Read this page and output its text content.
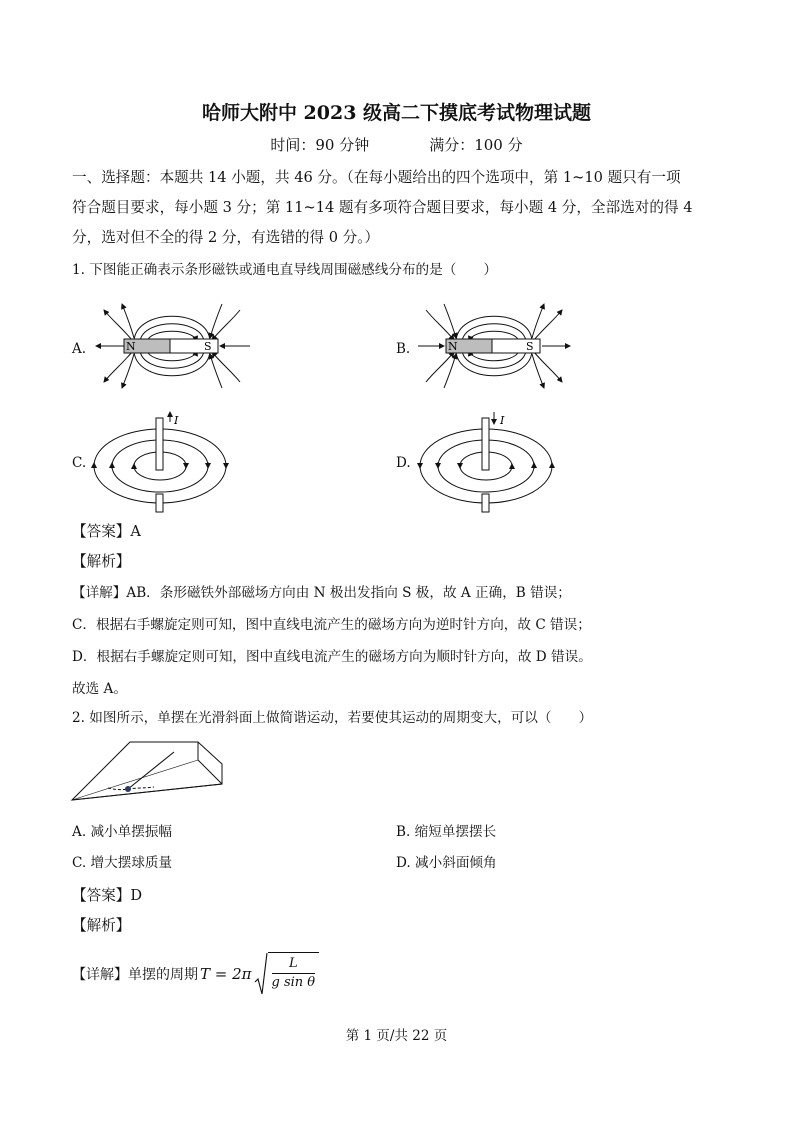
哈师大附中 2023 级高二下摸底考试物理试题
时间：90 分钟	满分：100 分
一、选择题：本题共 14 小题，共 46 分。（在每小题给出的四个选项中，第 1~10 题只有一项
符合题目要求，每小题 3 分；第 11~14 题有多项符合题目要求，每小题 4 分，全部选对的得 4
分，选对但不全的得 2 分，有选错的得 0 分。）
1. 下图能正确表示条形磁铁或通电直导线周围磁感线分布的是（　　）
A.	N	S	B.	N	S
C.
I
D.
I
【答案】A
【解析】
【详解】AB．条形磁铁外部磁场方向由 N 极出发指向 S 极，故 A 正确，B 错误；
C．根据右手螺旋定则可知，图中直线电流产生的磁场方向为逆时针方向，故 C 错误；
D．根据右手螺旋定则可知，图中直线电流产生的磁场方向为顺时针方向，故 D 错误。
故选 A。
2. 如图所示，单摆在光滑斜面上做简谐运动，若要使其运动的周期变大，可以（　　）
A. 减小单摆振幅	B. 缩短单摆摆长
C. 增大摆球质量	D. 减小斜面倾角
【答案】D
【解析】
【详解】单摆的周期 T = 2π
L
g sin θ
第 1 页/共 22 页
